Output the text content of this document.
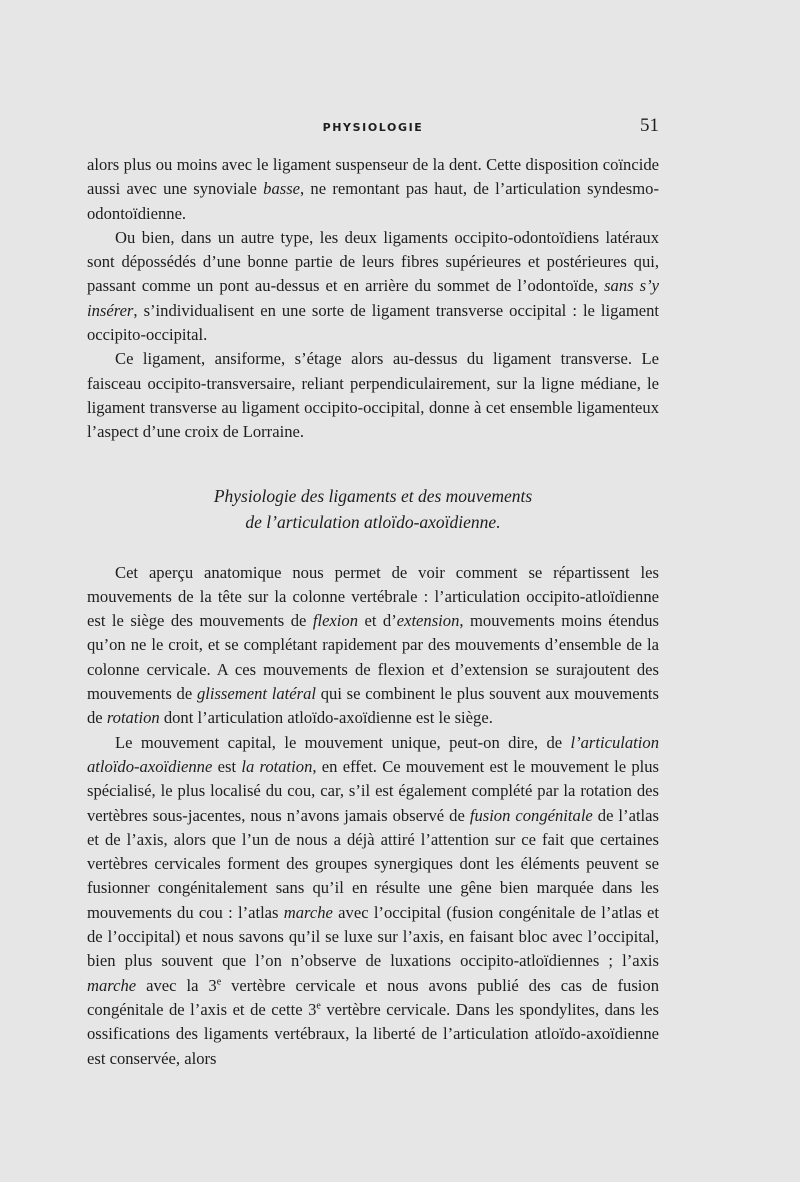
PHYSIOLOGIE	51

alors plus ou moins avec le ligament suspenseur de la dent. Cette disposition coïncide aussi avec une synoviale basse, ne remontant pas haut, de l’articulation syndesmo-odontoïdienne.

Ou bien, dans un autre type, les deux ligaments occipito-odontoïdiens latéraux sont dépossédés d’une bonne partie de leurs fibres supérieures et postérieures qui, passant comme un pont au-dessus et en arrière du sommet de l’odontoïde, sans s’y insérer, s’individualisent en une sorte de ligament transverse occipital : le ligament occipito-occipital.

Ce ligament, ansiforme, s’étage alors au-dessus du ligament transverse. Le faisceau occipito-transversaire, reliant perpendiculairement, sur la ligne médiane, le ligament transverse au ligament occipito-occipital, donne à cet ensemble ligamenteux l’aspect d’une croix de Lorraine.

Physiologie des ligaments et des mouvements
de l’articulation atloïdo-axoïdienne.

Cet aperçu anatomique nous permet de voir comment se répartissent les mouvements de la tête sur la colonne vertébrale : l’articulation occipito-atloïdienne est le siège des mouvements de flexion et d’extension, mouvements moins étendus qu’on ne le croit, et se complétant rapidement par des mouvements d’ensemble de la colonne cervicale. A ces mouvements de flexion et d’extension se surajoutent des mouvements de glissement latéral qui se combinent le plus souvent aux mouvements de rotation dont l’articulation atloïdo-axoïdienne est le siège.

Le mouvement capital, le mouvement unique, peut-on dire, de l’articulation atloïdo-axoïdienne est la rotation, en effet. Ce mouvement est le mouvement le plus spécialisé, le plus localisé du cou, car, s’il est également complété par la rotation des vertèbres sous-jacentes, nous n’avons jamais observé de fusion congénitale de l’atlas et de l’axis, alors que l’un de nous a déjà attiré l’attention sur ce fait que certaines vertèbres cervicales forment des groupes synergiques dont les éléments peuvent se fusionner congénitalement sans qu’il en résulte une gêne bien marquée dans les mouvements du cou : l’atlas marche avec l’occipital (fusion congénitale de l’atlas et de l’occipital) et nous savons qu’il se luxe sur l’axis, en faisant bloc avec l’occipital, bien plus souvent que l’on n’observe de luxations occipito-atloïdiennes ; l’axis marche avec la 3e vertèbre cervicale et nous avons publié des cas de fusion congénitale de l’axis et de cette 3e vertèbre cervicale. Dans les spondylites, dans les ossifications des ligaments vertébraux, la liberté de l’articulation atloïdo-axoïdienne est conservée, alors
